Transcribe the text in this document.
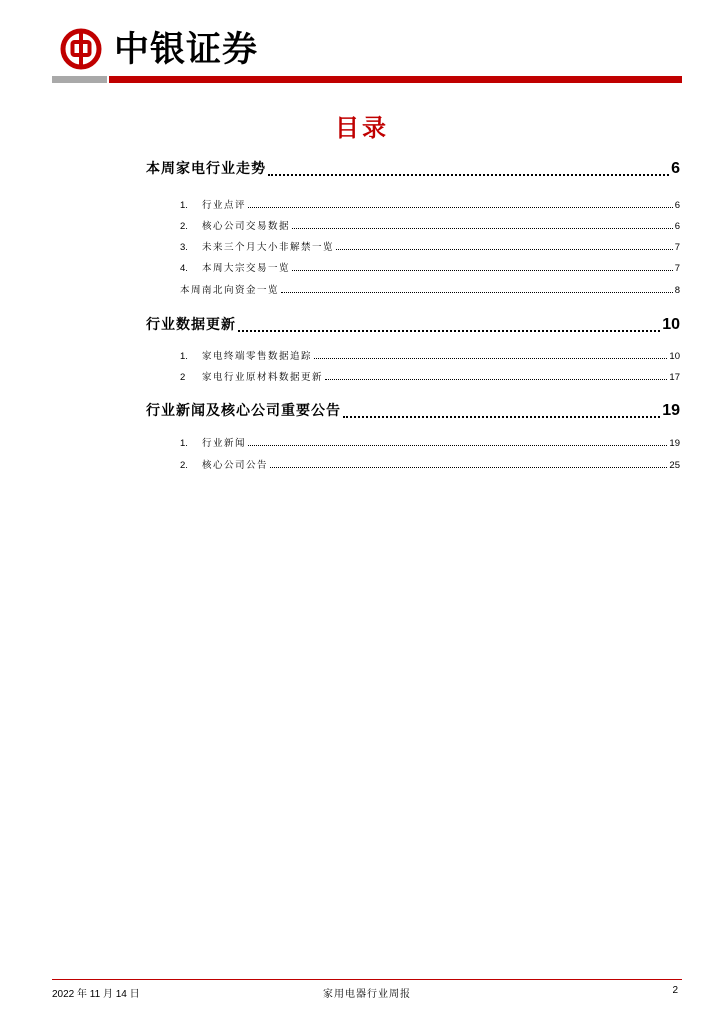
中银证券
目录
本周家电行业走势	6
1.	行业点评	6
2.	核心公司交易数据	6
3.	未来三个月大小非解禁一览	7
4.	本周大宗交易一览	7
本周南北向资金一览	8
行业数据更新	10
1.	家电终端零售数据追踪	10
2	家电行业原材料数据更新	17
行业新闻及核心公司重要公告	19
1.	行业新闻	19
2.	核心公司公告	25
2022 年 11 月 14 日	家用电器行业周报	2
